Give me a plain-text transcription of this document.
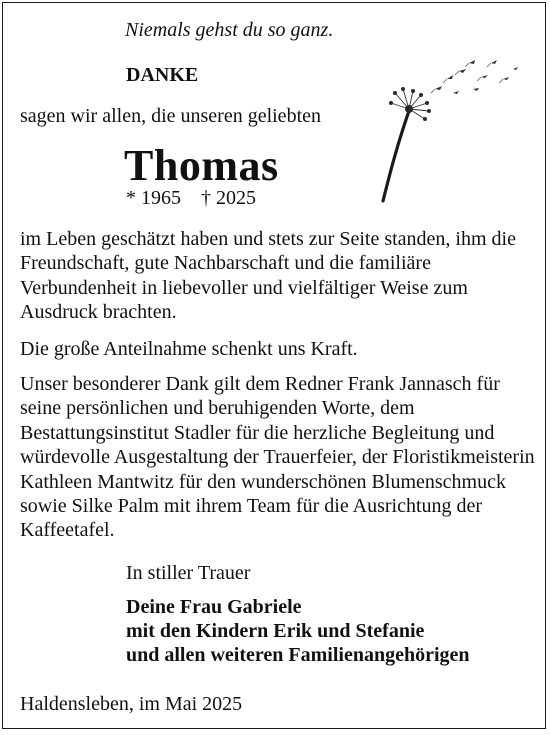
Niemals gehst du so ganz.
DANKE
sagen wir allen, die unseren geliebten
Thomas
* 1965 † 2025
im Leben geschätzt haben und stets zur Seite standen, ihm die Freundschaft, gute Nachbarschaft und die familiäre Verbundenheit in liebevoller und vielfältiger Weise zum Ausdruck brachten.
Die große Anteilnahme schenkt uns Kraft.
Unser besonderer Dank gilt dem Redner Frank Jannasch für seine persönlichen und beruhigenden Worte, dem Bestattungsinstitut Stadler für die herzliche Begleitung und würdevolle Ausgestaltung der Trauerfeier, der Floristikmeisterin Kathleen Mantwitz für den wunderschönen Blumenschmuck sowie Silke Palm mit ihrem Team für die Ausrichtung der Kaffeetafel.
In stiller Trauer
Deine Frau Gabriele
mit den Kindern Erik und Stefanie
und allen weiteren Familienangehörigen
Haldensleben, im Mai 2025
